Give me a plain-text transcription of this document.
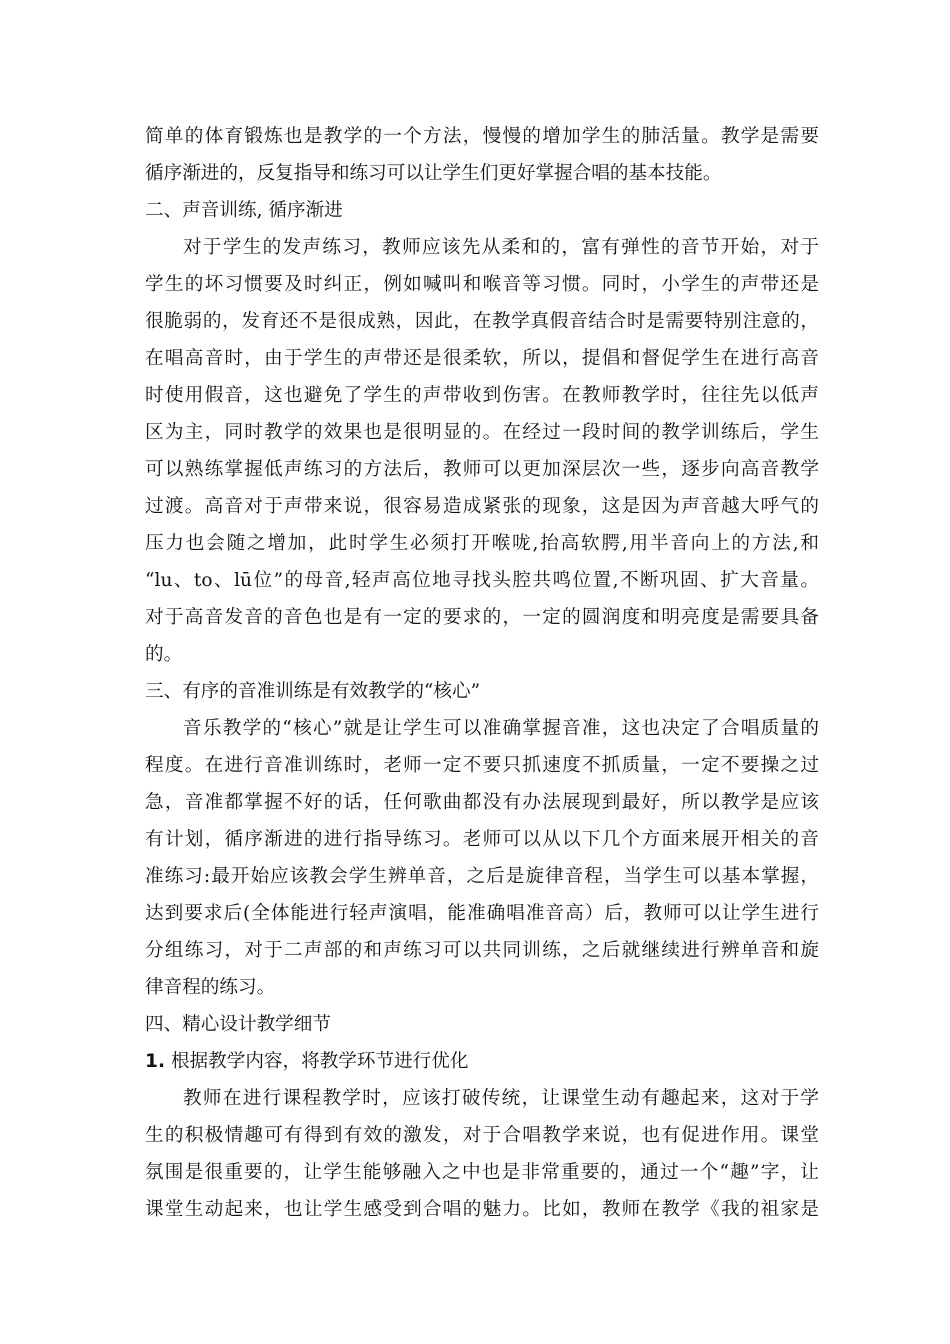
简单的体育锻炼也是教学的一个方法，慢慢的增加学生的肺活量。教学是需要
循序渐进的，反复指导和练习可以让学生们更好掌握合唱的基本技能。
二、声音训练, 循序渐进
对于学生的发声练习，教师应该先从柔和的，富有弹性的音节开始，对于
学生的坏习惯要及时纠正，例如喊叫和喉音等习惯。同时，小学生的声带还是
很脆弱的，发育还不是很成熟，因此，在教学真假音结合时是需要特别注意的，
在唱高音时，由于学生的声带还是很柔软，所以，提倡和督促学生在进行高音
时使用假音，这也避免了学生的声带收到伤害。在教师教学时，往往先以低声
区为主，同时教学的效果也是很明显的。在经过一段时间的教学训练后，学生
可以熟练掌握低声练习的方法后，教师可以更加深层次一些，逐步向高音教学
过渡。高音对于声带来说，很容易造成紧张的现象，这是因为声音越大呼气的
压力也会随之增加，此时学生必须打开喉咙,抬高软腭,用半音向上的方法,和
“lu、to、lū位”的母音,轻声高位地寻找头腔共鸣位置,不断巩固、扩大音量。
对于高音发音的音色也是有一定的要求的，一定的圆润度和明亮度是需要具备
的。
三、有序的音准训练是有效教学的“核心”
音乐教学的“核心”就是让学生可以准确掌握音准，这也决定了合唱质量的
程度。在进行音准训练时，老师一定不要只抓速度不抓质量，一定不要操之过
急，音准都掌握不好的话，任何歌曲都没有办法展现到最好，所以教学是应该
有计划，循序渐进的进行指导练习。老师可以从以下几个方面来展开相关的音
准练习:最开始应该教会学生辨单音，之后是旋律音程，当学生可以基本掌握，
达到要求后(全体能进行轻声演唱，能准确唱准音高）后，教师可以让学生进行
分组练习，对于二声部的和声练习可以共同训练，之后就继续进行辨单音和旋
律音程的练习。
四、精心设计教学细节
1. 根据教学内容，将教学环节进行优化
教师在进行课程教学时，应该打破传统，让课堂生动有趣起来，这对于学
生的积极情趣可有得到有效的激发，对于合唱教学来说，也有促进作用。课堂
氛围是很重要的，让学生能够融入之中也是非常重要的，通过一个“趣”字，让
课堂生动起来，也让学生感受到合唱的魅力。比如，教师在教学《我的祖家是
